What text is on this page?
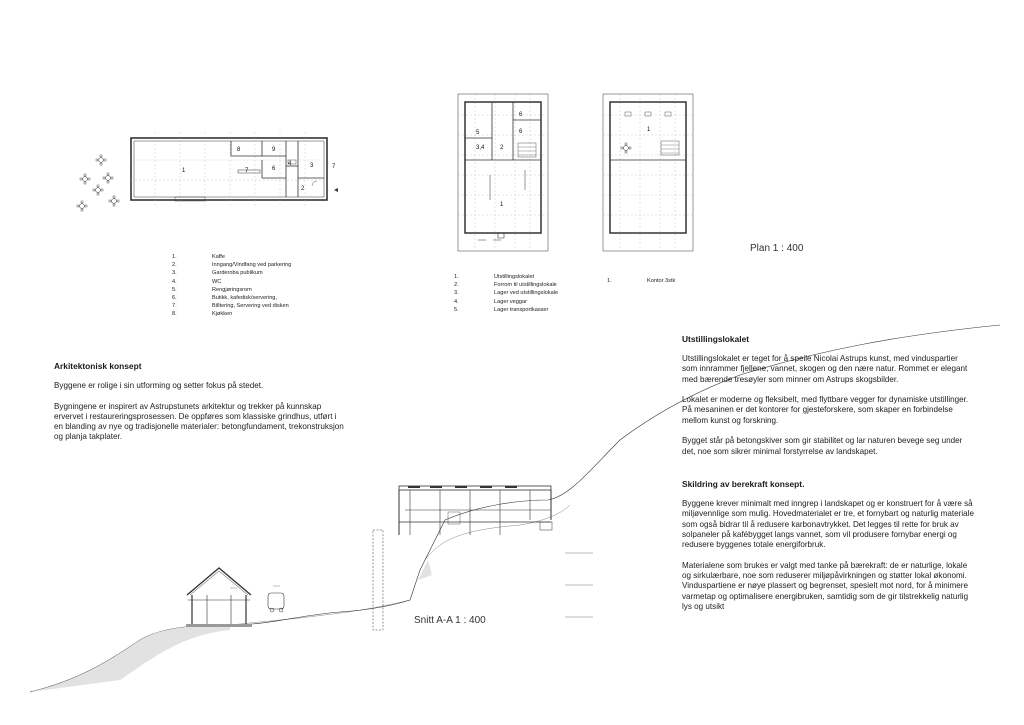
1
2
3
4
6
7
7
8	9
6
6
5
3,4	2
1
1
1.	Kaffe
2.	Inngang/Vindfang ved parkering
3.	Garderoba publikum
4.	WC
5.	Rengjøringsrom
6.	Butikk, kafedisk/servering,
7.	Billtering, Servering ved disken
8.	Kjøkken
1.	Utstillingslokalet
2.	Forrom til utstillingslokale
3.	Lager ved utstillingslokale
4.	Lager veggar
5.	Lager transportkasser
1.	Kontor 3stk
Plan 1 : 400
Snitt A-A 1 : 400
Arkitektonisk konsept

Byggene er rolige i sin utforming og setter fokus på stedet.

Bygningene er inspirert av Astrupstunets arkitektur og trekker på kunnskap ervervet i restaureringsprosessen. De oppføres som klassiske grindhus, utført i en blanding av nye og tradisjonelle materialer: betongfundament, trekonstruksjon og planja takplater.

Utstillingslokalet

Utstillingslokalet er teget for å speile Nicolai Astrups kunst, med vinduspartier som innrammer fjellene, vannet, skogen og den nære natur. Rommet er elegant med bærende tresøyler som minner om Astrups skogsbilder.

Lokalet er moderne og fleksibelt, med flyttbare vegger for dynamiske utstillinger. På mesaninen er det kontorer for gjesteforskere, som skaper en forbindelse mellom kunst og forskning.

Bygget står på betongskiver som gir stabilitet og lar naturen bevege seg under det, noe som sikrer minimal forstyrrelse av landskapet.

Skildring av berekraft konsept.

Byggene krever minimalt med inngrep i landskapet og er konstruert for å være så miljøvennlige som mulig. Hovedmaterialet er tre, et fornybart og naturlig materiale som også bidrar til å redusere karbonavtrykket. Det legges til rette for bruk av solpaneler på kafébygget langs vannet, som vil produsere fornybar energi og redusere byggenes totale energiforbruk.

Materialene som brukes er valgt med tanke på bærekraft: de er naturlige, lokale og sirkulærbare, noe som reduserer miljøpåvirkningen og støtter lokal økonomi. Vinduspartiene er nøye plassert og begrenset, spesielt mot nord, for å minimere varmetap og optimalisere energibruken, samtidig som de gir tilstrekkelig naturlig lys og utsikt
